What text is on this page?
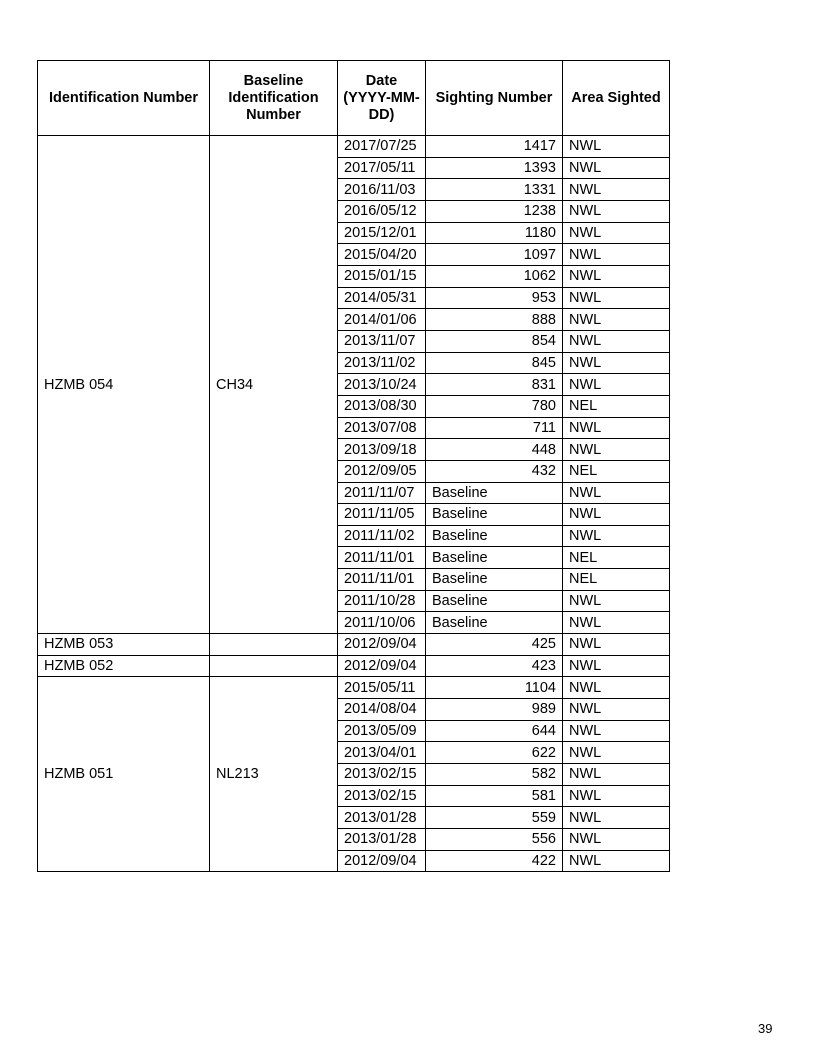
Identification Number	Baseline Identification Number	Date (YYYY-MM-DD)	Sighting Number	Area Sighted
HZMB 054	CH34	2017/07/25	1417	NWL
		2017/05/11	1393	NWL
		2016/11/03	1331	NWL
		2016/05/12	1238	NWL
		2015/12/01	1180	NWL
		2015/04/20	1097	NWL
		2015/01/15	1062	NWL
		2014/05/31	953	NWL
		2014/01/06	888	NWL
		2013/11/07	854	NWL
		2013/11/02	845	NWL
		2013/10/24	831	NWL
		2013/08/30	780	NEL
		2013/07/08	711	NWL
		2013/09/18	448	NWL
		2012/09/05	432	NEL
		2011/11/07	Baseline	NWL
		2011/11/05	Baseline	NWL
		2011/11/02	Baseline	NWL
		2011/11/01	Baseline	NEL
		2011/11/01	Baseline	NEL
		2011/10/28	Baseline	NWL
		2011/10/06	Baseline	NWL
HZMB 053		2012/09/04	425	NWL
HZMB 052		2012/09/04	423	NWL
HZMB 051	NL213	2015/05/11	1104	NWL
		2014/08/04	989	NWL
		2013/05/09	644	NWL
		2013/04/01	622	NWL
		2013/02/15	582	NWL
		2013/02/15	581	NWL
		2013/01/28	559	NWL
		2013/01/28	556	NWL
		2012/09/04	422	NWL
39
